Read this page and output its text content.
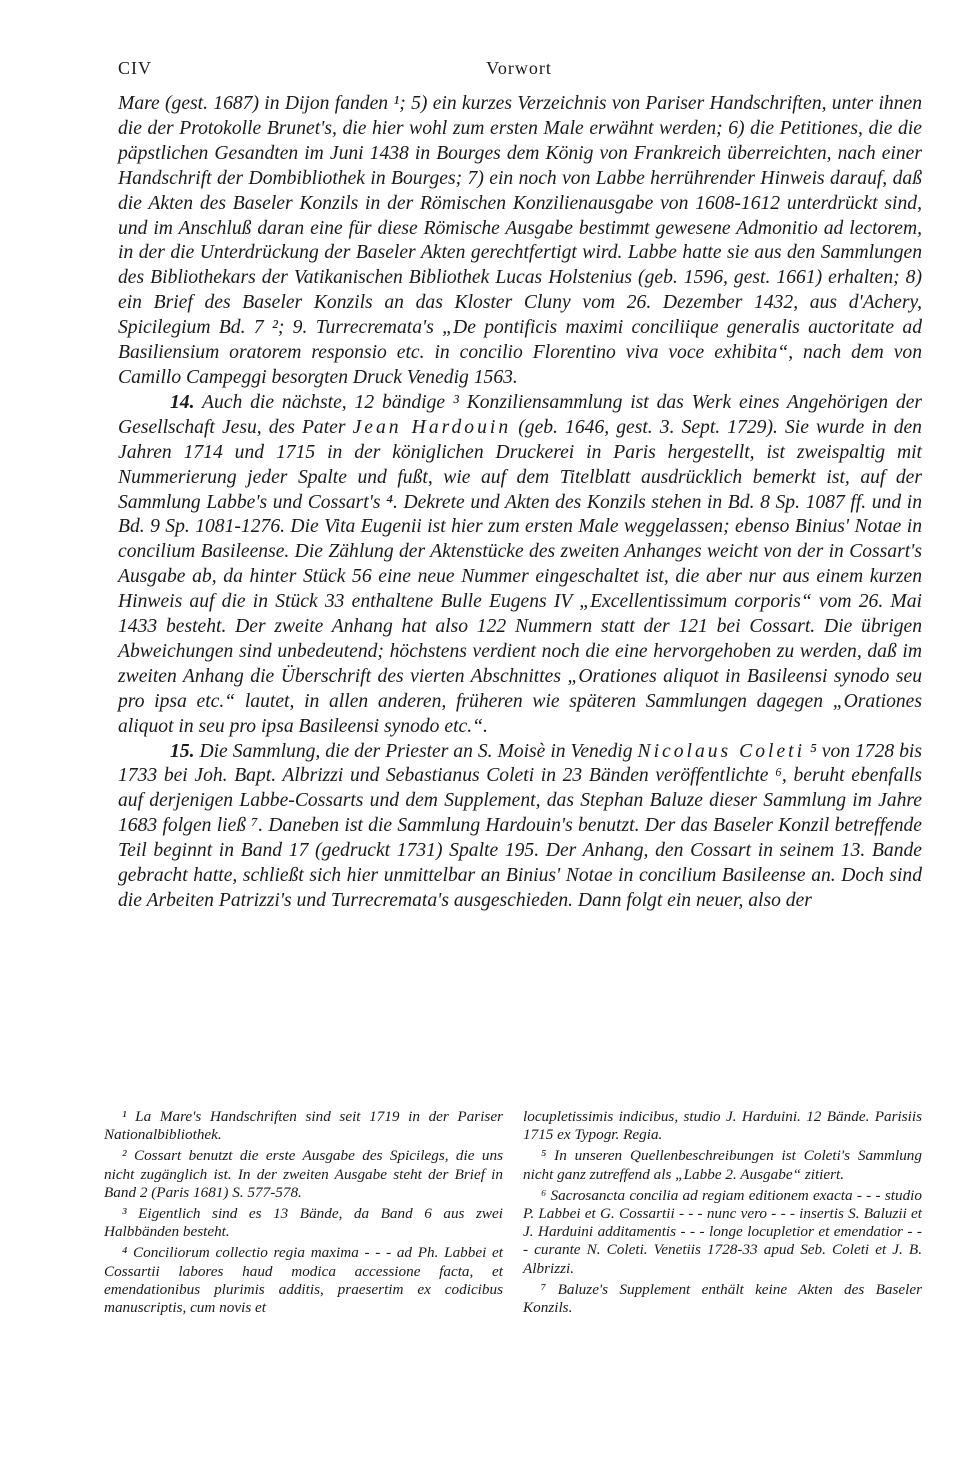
CIV	Vorwort

Mare (gest. 1687) in Dijon fanden ¹; 5) ein kurzes Verzeichnis von Pariser Handschriften, unter ihnen die der Protokolle Brunet's, die hier wohl zum ersten Male erwähnt werden; 6) die Petitiones, die die päpstlichen Gesandten im Juni 1438 in Bourges dem König von Frankreich überreichten, nach einer Handschrift der Dombibliothek in Bourges; 7) ein noch von Labbe herrührender Hinweis darauf, daß die Akten des Baseler Konzils in der Römischen Konzilienausgabe von 1608-1612 unterdrückt sind, und im Anschluß daran eine für diese Römische Ausgabe bestimmt gewesene Admonitio ad lectorem, in der die Unterdrückung der Baseler Akten gerechtfertigt wird. Labbe hatte sie aus den Sammlungen des Bibliothekars der Vatikanischen Bibliothek Lucas Holstenius (geb. 1596, gest. 1661) erhalten; 8) ein Brief des Baseler Konzils an das Kloster Cluny vom 26. Dezember 1432, aus d'Achery, Spicilegium Bd. 7 ²; 9. Turrecremata's „De pontificis maximi conciliique generalis auctoritate ad Basiliensium oratorem responsio etc. in concilio Florentino viva voce exhibita“, nach dem von Camillo Campeggi besorgten Druck Venedig 1563.

14. Auch die nächste, 12 bändige ³ Konziliensammlung ist das Werk eines Angehörigen der Gesellschaft Jesu, des Pater Jean Hardouin (geb. 1646, gest. 3. Sept. 1729). Sie wurde in den Jahren 1714 und 1715 in der königlichen Druckerei in Paris hergestellt, ist zweispaltig mit Nummerierung jeder Spalte und fußt, wie auf dem Titelblatt ausdrücklich bemerkt ist, auf der Sammlung Labbe's und Cossart's ⁴. Dekrete und Akten des Konzils stehen in Bd. 8 Sp. 1087 ff. und in Bd. 9 Sp. 1081-1276. Die Vita Eugenii ist hier zum ersten Male weggelassen; ebenso Binius' Notae in concilium Basileense. Die Zählung der Aktenstücke des zweiten Anhanges weicht von der in Cossart's Ausgabe ab, da hinter Stück 56 eine neue Nummer eingeschaltet ist, die aber nur aus einem kurzen Hinweis auf die in Stück 33 enthaltene Bulle Eugens IV „Excellentissimum corporis“ vom 26. Mai 1433 besteht. Der zweite Anhang hat also 122 Nummern statt der 121 bei Cossart. Die übrigen Abweichungen sind unbedeutend; höchstens verdient noch die eine hervorgehoben zu werden, daß im zweiten Anhang die Überschrift des vierten Abschnittes „Orationes aliquot in Basileensi synodo seu pro ipsa etc.“ lautet, in allen anderen, früheren wie späteren Sammlungen dagegen „Orationes aliquot in seu pro ipsa Basileensi synodo etc.“.

15. Die Sammlung, die der Priester an S. Moisè in Venedig Nicolaus Coleti ⁵ von 1728 bis 1733 bei Joh. Bapt. Albrizzi und Sebastianus Coleti in 23 Bänden veröffentlichte ⁶, beruht ebenfalls auf derjenigen Labbe-Cossarts und dem Supplement, das Stephan Baluze dieser Sammlung im Jahre 1683 folgen ließ ⁷. Daneben ist die Sammlung Hardouin's benutzt. Der das Baseler Konzil betreffende Teil beginnt in Band 17 (gedruckt 1731) Spalte 195. Der Anhang, den Cossart in seinem 13. Bande gebracht hatte, schließt sich hier unmittelbar an Binius' Notae in concilium Basileense an. Doch sind die Arbeiten Patrizzi's und Turrecremata's ausgeschieden. Dann folgt ein neuer, also der

¹ La Mare's Handschriften sind seit 1719 in der Pariser Nationalbibliothek.

² Cossart benutzt die erste Ausgabe des Spicilegs, die uns nicht zugänglich ist. In der zweiten Ausgabe steht der Brief in Band 2 (Paris 1681) S. 577-578.

³ Eigentlich sind es 13 Bände, da Band 6 aus zwei Halbbänden besteht.

⁴ Conciliorum collectio regia maxima - - - ad Ph. Labbei et Cossartii labores haud modica accessione facta, et emendationibus plurimis additis, praesertim ex codicibus manuscriptis, cum novis et

locupletissimis indicibus, studio J. Harduini. 12 Bände. Parisiis 1715 ex Typogr. Regia.

⁵ In unseren Quellenbeschreibungen ist Coleti's Sammlung nicht ganz zutreffend als „Labbe 2. Ausgabe“ zitiert.

⁶ Sacrosancta concilia ad regiam editionem exacta - - - studio P. Labbei et G. Cossartii - - - nunc vero - - - insertis S. Baluzii et J. Harduini additamentis - - - longe locupletior et emendatior - - - curante N. Coleti. Venetiis 1728-33 apud Seb. Coleti et J. B. Albrizzi.

⁷ Baluze's Supplement enthält keine Akten des Baseler Konzils.
